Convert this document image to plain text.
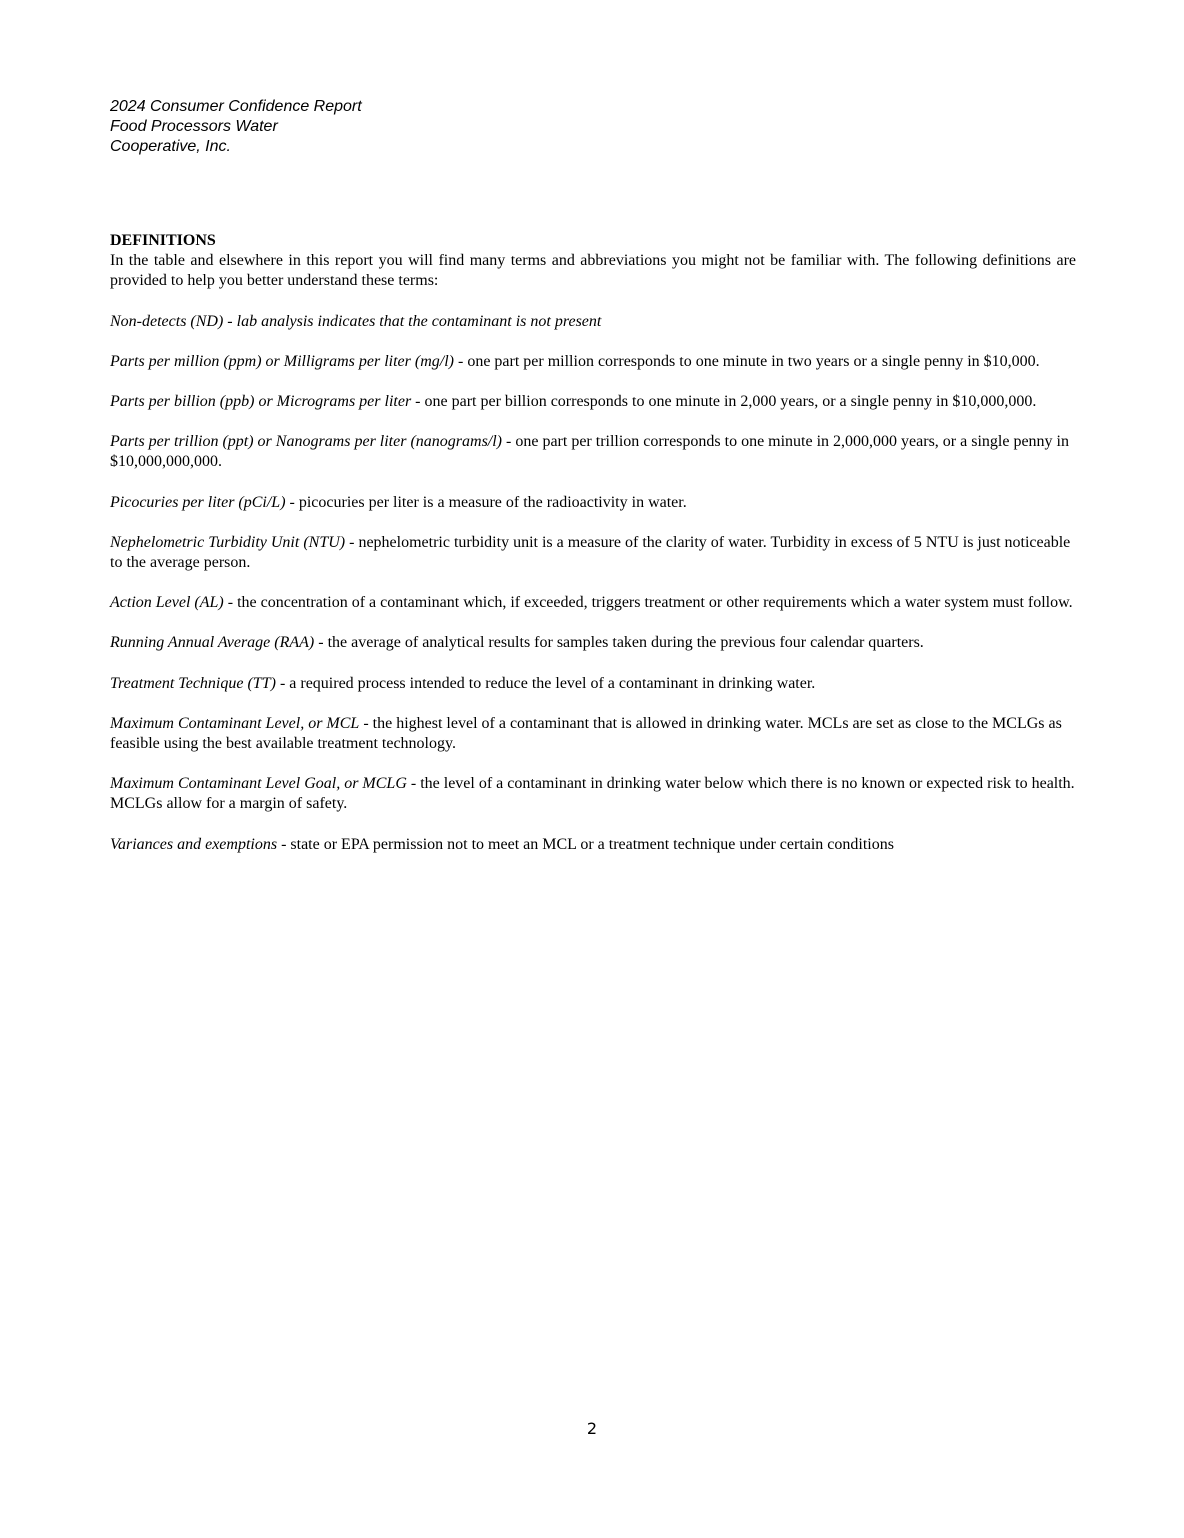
2024 Consumer Confidence Report
Food Processors Water
Cooperative, Inc.

DEFINITIONS

In the table and elsewhere in this report you will find many terms and abbreviations you might not be familiar with. The following definitions are provided to help you better understand these terms:

Non-detects (ND) - lab analysis indicates that the contaminant is not present

Parts per million (ppm) or Milligrams per liter (mg/l) - one part per million corresponds to one minute in two years or a single penny in $10,000.

Parts per billion (ppb) or Micrograms per liter - one part per billion corresponds to one minute in 2,000 years, or a single penny in $10,000,000.

Parts per trillion (ppt) or Nanograms per liter (nanograms/l) - one part per trillion corresponds to one minute in 2,000,000 years, or a single penny in $10,000,000,000.

Picocuries per liter (pCi/L) - picocuries per liter is a measure of the radioactivity in water.

Nephelometric Turbidity Unit (NTU) - nephelometric turbidity unit is a measure of the clarity of water. Turbidity in excess of 5 NTU is just noticeable to the average person.

Action Level (AL) - the concentration of a contaminant which, if exceeded, triggers treatment or other requirements which a water system must follow.

Running Annual Average (RAA) - the average of analytical results for samples taken during the previous four calendar quarters.

Treatment Technique (TT) - a required process intended to reduce the level of a contaminant in drinking water.

Maximum Contaminant Level, or MCL - the highest level of a contaminant that is allowed in drinking water. MCLs are set as close to the MCLGs as feasible using the best available treatment technology.

Maximum Contaminant Level Goal, or MCLG - the level of a contaminant in drinking water below which there is no known or expected risk to health. MCLGs allow for a margin of safety.

Variances and exemptions - state or EPA permission not to meet an MCL or a treatment technique under certain conditions

2
